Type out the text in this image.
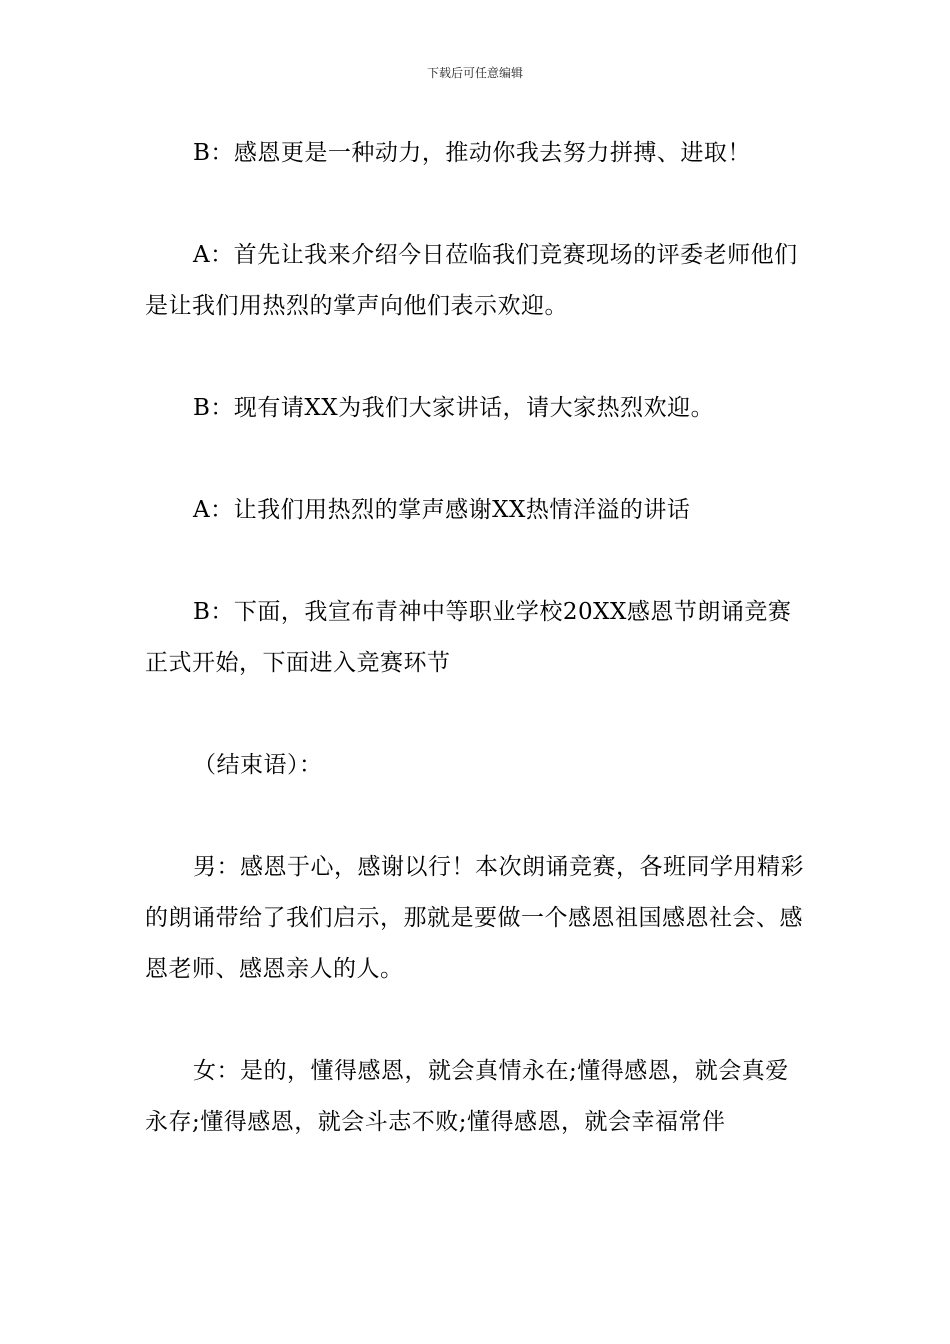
下载后可任意编辑

B：感恩更是一种动力，推动你我去努力拼搏、进取！

A：首先让我来介绍今日莅临我们竞赛现场的评委老师他们是让我们用热烈的掌声向他们表示欢迎。

B：现有请XX为我们大家讲话，请大家热烈欢迎。

A：让我们用热烈的掌声感谢XX热情洋溢的讲话

B：下面，我宣布青神中等职业学校20XX感恩节朗诵竞赛正式开始，下面进入竞赛环节

（结束语）：

男：感恩于心，感谢以行！本次朗诵竞赛，各班同学用精彩的朗诵带给了我们启示，那就是要做一个感恩祖国感恩社会、感恩老师、感恩亲人的人。

女：是的，懂得感恩，就会真情永在;懂得感恩，就会真爱永存;懂得感恩，就会斗志不败;懂得感恩，就会幸福常伴
